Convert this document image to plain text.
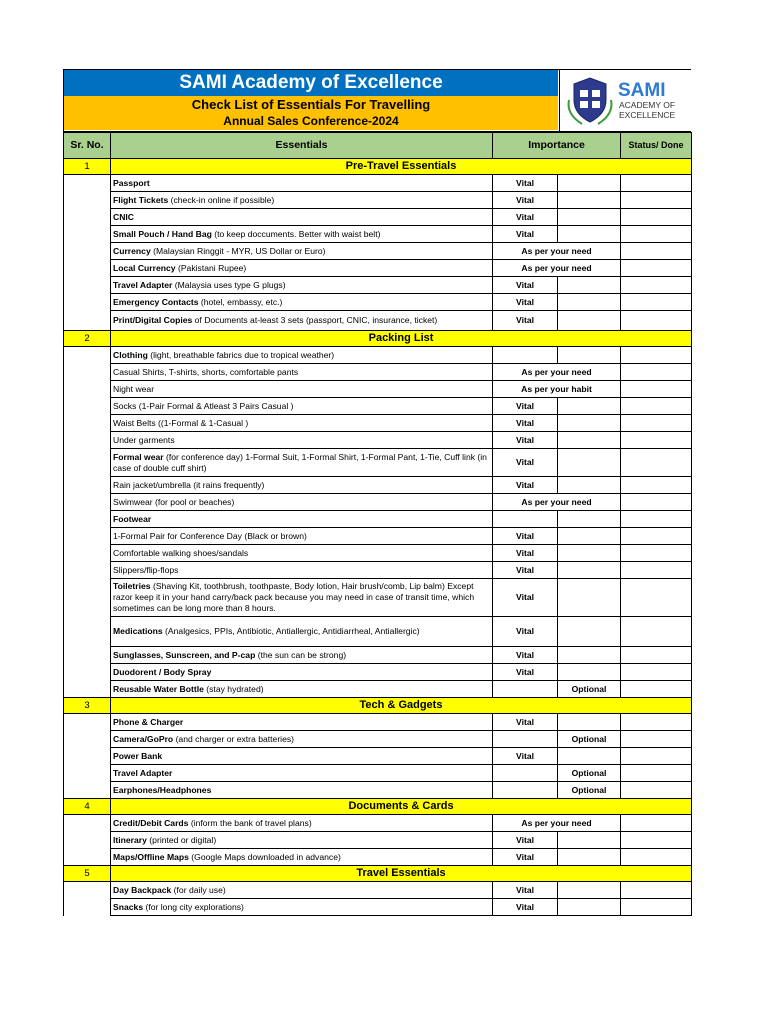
SAMI Academy of Excellence
Check List of Essentials For Travelling
Annual Sales Conference-2024
SAMI
ACADEMY OF
EXCELLENCE
Sr. No.	Essentials	Importance		Status/ Done
1	Pre-Travel Essentials			
	Passport	Vital		
	Flight Tickets (check-in online if possible)	Vital		
	CNIC	Vital		
	Small Pouch / Hand Bag (to keep doccuments. Better with waist belt)	Vital		
	Currency (Malaysian Ringgit - MYR, US Dollar or Euro)	As per your need		
	Local Currency (Pakistani Rupee)	As per your need		
	Travel Adapter (Malaysia uses type G plugs)	Vital		
	Emergency Contacts (hotel, embassy, etc.)	Vital		
	Print/Digital Copies of Documents at-least 3 sets (passport, CNIC, insurance, ticket)	Vital		
2	Packing List			
	Clothing (light, breathable fabrics due to tropical weather)			
	Casual Shirts, T-shirts, shorts, comfortable pants	As per your need		
	Night wear	As per your habit		
	Socks (1-Pair Formal & Atleast 3 Pairs Casual )	Vital		
	Waist Belts ((1-Formal & 1-Casual )	Vital		
	Under garments	Vital		
	Formal wear (for conference day) 1-Formal Suit, 1-Formal Shirt, 1-Formal Pant, 1-Tie, Cuff link (in case of double cuff shirt)	Vital		
	Rain jacket/umbrella (it rains frequently)	Vital		
	Swimwear (for pool or beaches)	As per your need		
	Footwear			
	1-Formal Pair for Conference Day (Black or brown)	Vital		
	Comfortable walking shoes/sandals	Vital		
	Slippers/flip-flops	Vital		
	Toiletries (Shaving Kit, toothbrush, toothpaste, Body lotion, Hair brush/comb, Lip balm) Except razor keep it in your hand carry/back pack because you may need in case of transit time, which sometimes can be long more than 8 hours.	Vital		
	Medications (Analgesics, PPIs, Antibiotic, Antiallergic, Antidiarrheal, Antiallergic)	Vital		
	Sunglasses, Sunscreen, and P-cap (the sun can be strong)	Vital		
	Duodorent / Body Spray	Vital		
	Reusable Water Bottle (stay hydrated)		Optional	
3	Tech & Gadgets			
	Phone & Charger	Vital		
	Camera/GoPro (and charger or extra batteries)		Optional	
	Power Bank	Vital		
	Travel Adapter		Optional	
	Earphones/Headphones		Optional	
4	Documents & Cards			
	Credit/Debit Cards (inform the bank of travel plans)	As per your need		
	Itinerary (printed or digital)	Vital		
	Maps/Offline Maps (Google Maps downloaded in advance)	Vital		
5	Travel Essentials			
	Day Backpack (for daily use)	Vital		
	Snacks (for long city explorations)	Vital		
